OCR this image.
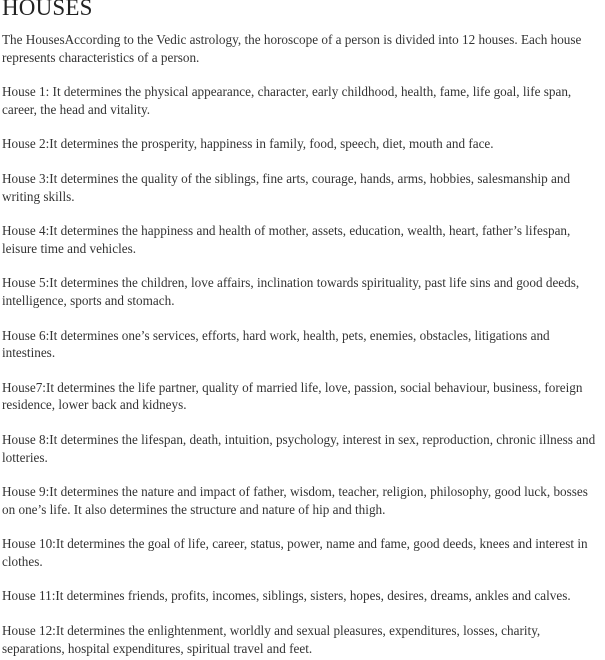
HOUSES

The HousesAccording to the Vedic astrology, the horoscope of a person is divided into 12 houses. Each house represents characteristics of a person.

House 1: It determines the physical appearance, character, early childhood, health, fame, life goal, life span, career, the head and vitality.

House 2:It determines the prosperity, happiness in family, food, speech, diet, mouth and face.

House 3:It determines the quality of the siblings, fine arts, courage, hands, arms, hobbies, salesmanship and writing skills.

House 4:It determines the happiness and health of mother, assets, education, wealth, heart, father’s lifespan, leisure time and vehicles.

House 5:It determines the children, love affairs, inclination towards spirituality, past life sins and good deeds, intelligence, sports and stomach.

House 6:It determines one’s services, efforts, hard work, health, pets, enemies, obstacles, litigations and intestines.

House7:It determines the life partner, quality of married life, love, passion, social behaviour, business, foreign residence, lower back and kidneys.

House 8:It determines the lifespan, death, intuition, psychology, interest in sex, reproduction, chronic illness and lotteries.

House 9:It determines the nature and impact of father, wisdom, teacher, religion, philosophy, good luck, bosses on one’s life. It also determines the structure and nature of hip and thigh.

House 10:It determines the goal of life, career, status, power, name and fame, good deeds, knees and interest in clothes.

House 11:It determines friends, profits, incomes, siblings, sisters, hopes, desires, dreams, ankles and calves.

House 12:It determines the enlightenment, worldly and sexual pleasures, expenditures, losses, charity, separations, hospital expenditures, spiritual travel and feet.
